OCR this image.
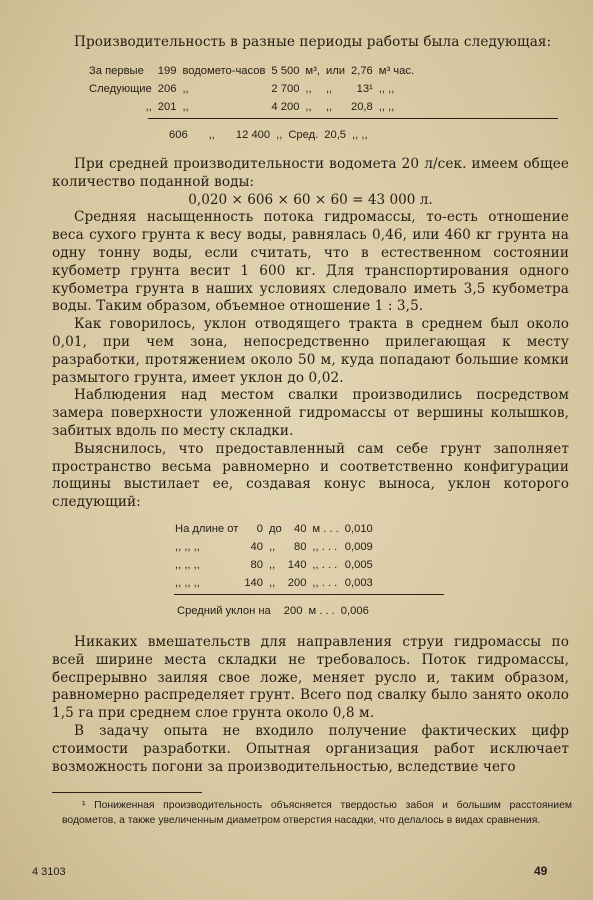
Производительность в разные периоды работы была следующая:

За первые	199	водомето-часов	5 500	м³,	или	2,76	м³ час.
Следующие	206	,,	2 700	,,	,,	13¹	,, ,,
,,	201	,,	4 200	,,	,,	20,8	,, ,,
	606	,,	12 400	,,	Сред.	20,5	,, ,,

При средней производительности водомета 20 л/сек. имеем общее количество поданной воды:

0,020 × 606 × 60 × 60 = 43 000 л.

Средняя насыщенность потока гидромассы, то-есть отношение веса сухого грунта к весу воды, равнялась 0,46, или 460 кг грунта на одну тонну воды, если считать, что в естественном состоянии кубометр грунта весит 1 600 кг. Для транспортирования одного кубометра грунта в наших условиях следовало иметь 3,5 кубометра воды. Таким образом, объемное отношение 1 : 3,5.

Как говорилось, уклон отводящего тракта в среднем был около 0,01, при чем зона, непосредственно прилегающая к месту разработки, протяжением около 50 м, куда попадают большие комки размытого грунта, имеет уклон до 0,02.

Наблюдения над местом свалки производились посредством замера поверхности уложенной гидромассы от вершины колышков, забитых вдоль по месту складки.

Выяснилось, что предоставленный сам себе грунт заполняет пространство весьма равномерно и соответственно конфигурации лощины выстилает ее, создавая конус выноса, уклон которого следующий:

На длине от	0	до	40	м . . .	0,010
,, ,, ,,	40	,,	80	,, . . .	0,009
,, ,, ,,	80	,,	140	,, . . .	0,005
,, ,, ,,	140	,,	200	,, . . .	0,003
Средний уклон на	200	м . . .	0,006

Никаких вмешательств для направления струи гидромассы по всей ширине места складки не требовалось. Поток гидромассы, беспрерывно заиляя свое ложе, меняет русло и, таким образом, равномерно распределяет грунт. Всего под свалку было занято около 1,5 га при среднем слое грунта около 0,8 м.

В задачу опыта не входило получение фактических цифр стоимости разработки. Опытная организация работ исключает возможность погони за производительностью, вследствие чего

¹ Пониженная производительность объясняется твердостью забоя и большим расстоянием водометов, а также увеличенным диаметром отверстия насадки, что делалось в видах сравнения.

4 3103	49
